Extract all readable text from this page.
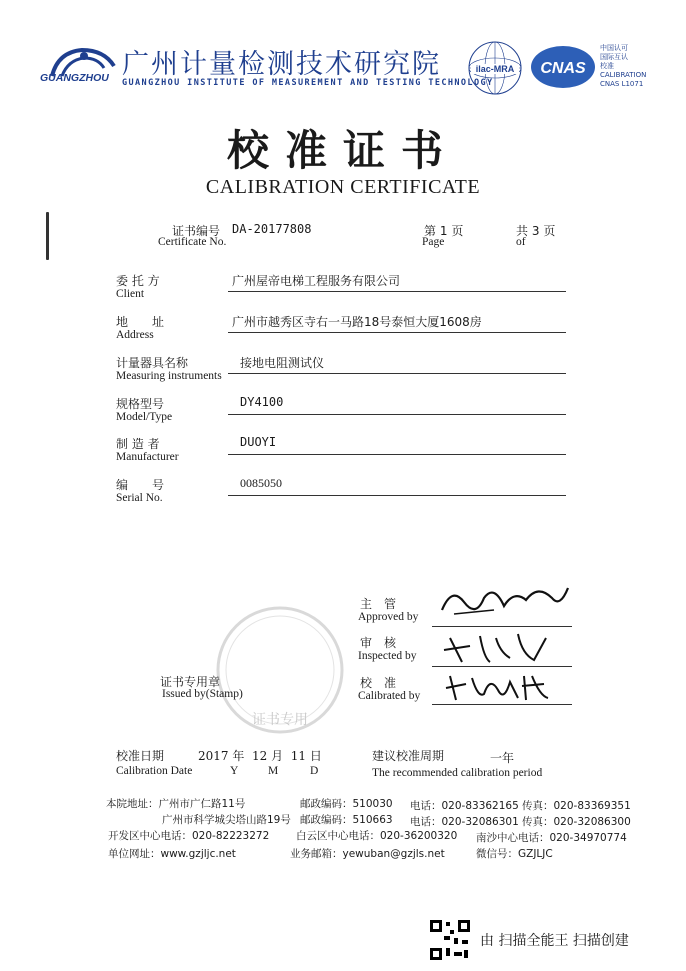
GUANGZHOU 广州计量检测技术研究院
GUANGZHOU INSTITUTE OF MEASUREMENT AND TESTING TECHNOLOGY
ilac-MRA CNAS
中国认可
国际互认
校准
CALIBRATION
CNAS L1071
校准证书
CALIBRATION CERTIFICATE
证书编号
Certificate No.
DA-20177808	第 1 页
Page
共 3 页
of
委 托 方
Client
广州屋帝电梯工程服务有限公司
地　　址
Address
广州市越秀区寺右一马路18号泰恒大厦1608房
计量器具名称
Measuring instruments
接地电阻测试仪
规格型号
Model/Type
DY4100
制 造 者
Manufacturer
DUOYI
编　　号
Serial No.
0085050
证书专用
主　管
Approved by
审　核
Inspected by
证书专用章
Issued by(Stamp)
校　准
Calibrated by
校准日期
Calibration Date
2017 年 12 月 11 日
Y	M	D
建议校准周期	一年
The recommended calibration period
本院地址：广州市广仁路11号	邮政编码：510030 电话：020-83362165 传真：020-83369351
广州市科学城尖塔山路19号 邮政编码：510663 电话：020-32086301 传真：020-32086300
开发区中心电话：020-82223272	白云区中心电话：020-36200320 南沙中心电话：020-34970774
单位网址：www.gzjljc.net	业务邮箱：yewuban@gzjls.net	微信号：GZJLJC
由 扫描全能王 扫描创建
